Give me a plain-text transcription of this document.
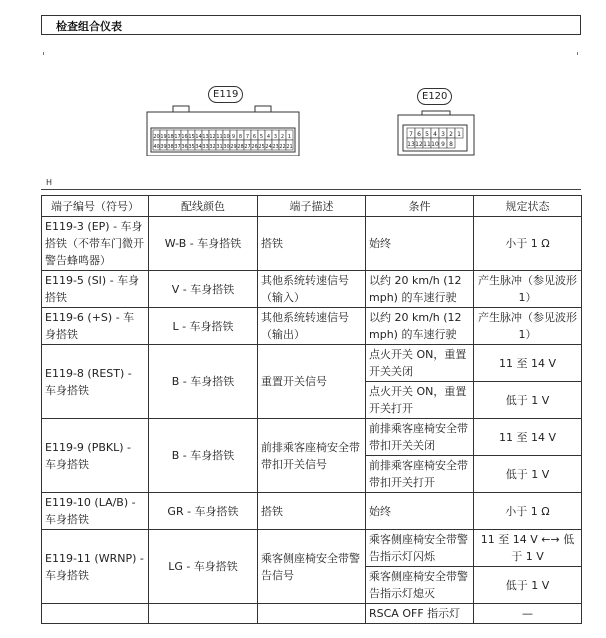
检查组合仪表
E119
20 19 18 17 16 15 14 13 12 11 10 9 8 7 6 5 4 3 2 1
40 39 38 37 36 35 34 33 32 31 30 29 28 27 26 25 24 23 22 21
E120
7 6 5 4 3 2 1
13 12 11 10 9 8
H
端子编号（符号）	配线颜色	端子描述	条件	规定状态
E119-3 (EP) - 车身搭铁（不带车门微开警告蜂鸣器）	W-B - 车身搭铁	搭铁	始终	小于 1 Ω
E119-5 (SI) - 车身搭铁	V - 车身搭铁	其他系统转速信号（输入）	以约 20 km/h (12 mph) 的车速行驶	产生脉冲（参见波形 1）
E119-6 (+S) - 车身搭铁	L - 车身搭铁	其他系统转速信号（输出）	以约 20 km/h (12 mph) 的车速行驶	产生脉冲（参见波形 1）
E119-8 (REST) - 车身搭铁	B - 车身搭铁	重置开关信号	点火开关 ON，重置开关关闭	11 至 14 V
			点火开关 ON，重置开关打开	低于 1 V
E119-9 (PBKL) - 车身搭铁	B - 车身搭铁	前排乘客座椅安全带带扣开关信号	前排乘客座椅安全带带扣开关关闭	11 至 14 V
			前排乘客座椅安全带带扣开关打开	低于 1 V
E119-10 (LA/B) - 车身搭铁	GR - 车身搭铁	搭铁	始终	小于 1 Ω
E119-11 (WRNP) - 车身搭铁	LG - 车身搭铁	乘客侧座椅安全带警告信号	乘客侧座椅安全带警告指示灯闪烁	11 至 14 V ←→ 低于 1 V
			乘客侧座椅安全带警告指示灯熄灭	低于 1 V
			RSCA OFF 指示灯	—
